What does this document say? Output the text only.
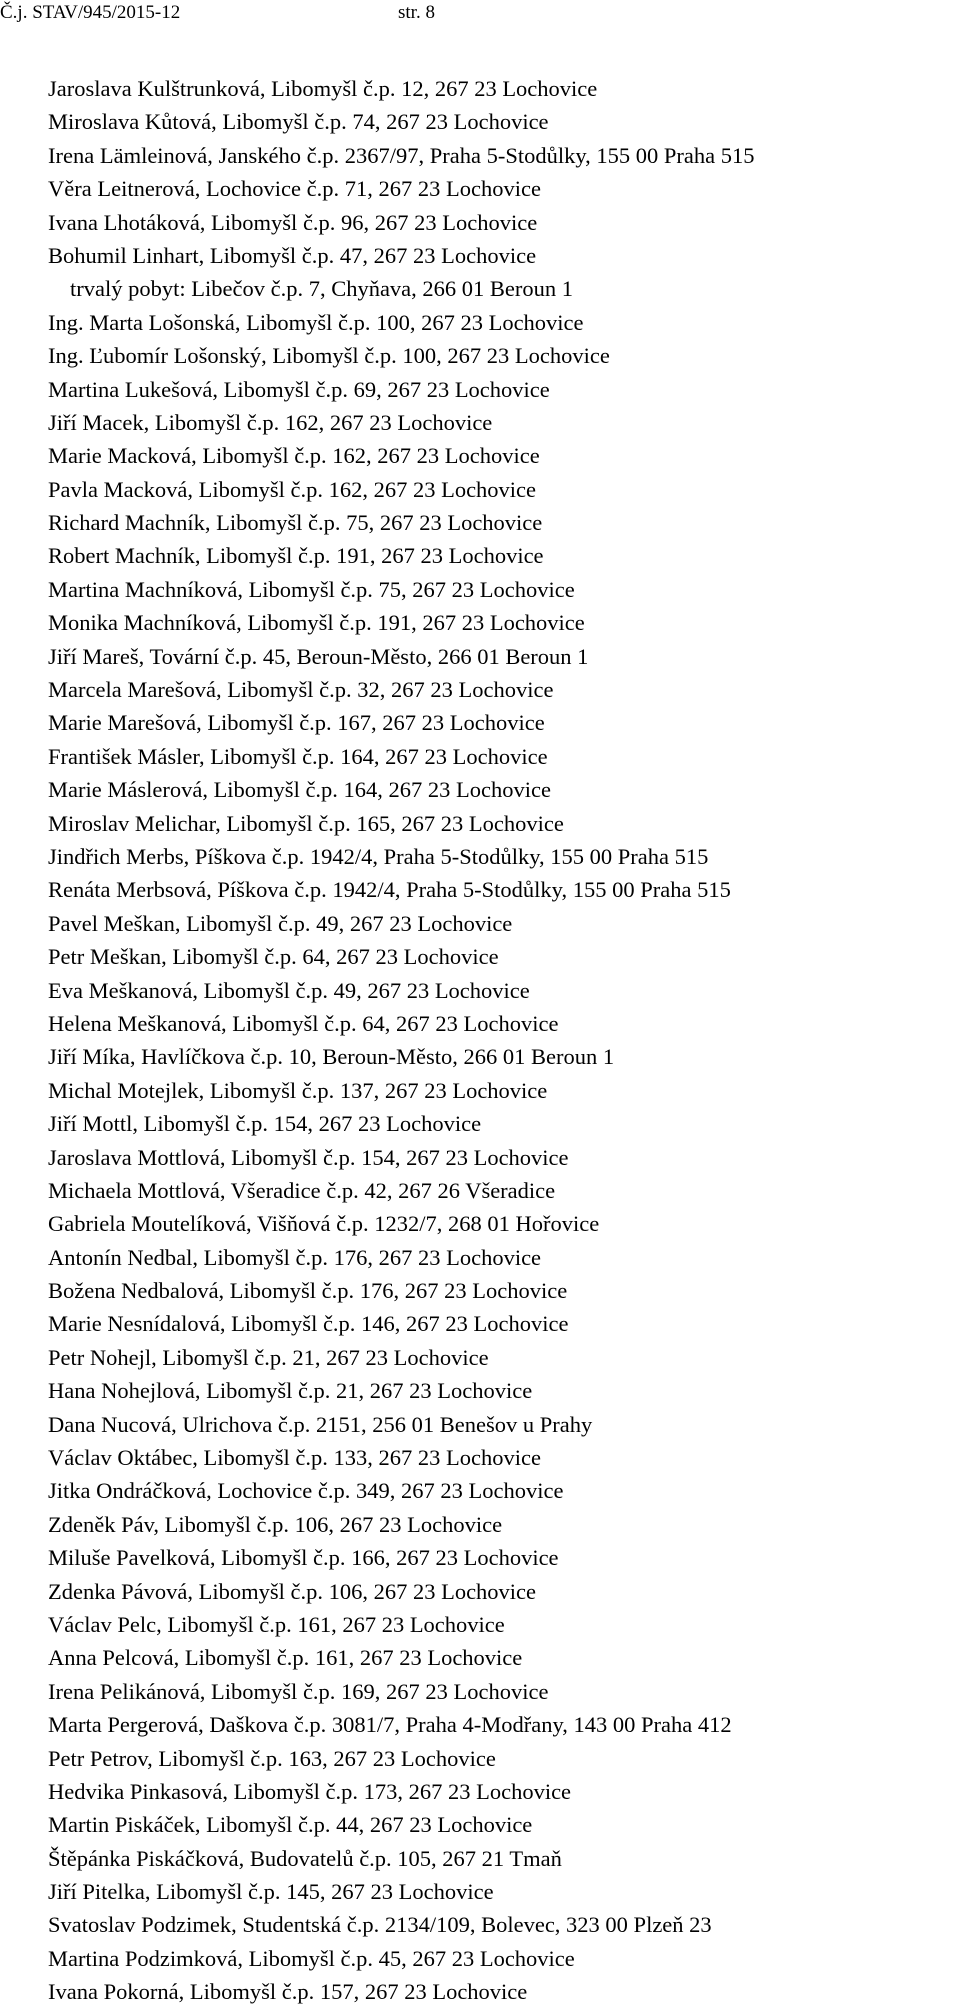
Č.j. STAV/945/2015-12	str. 8
Jaroslava Kulštrunková, Libomyšl č.p. 12, 267 23 Lochovice
Miroslava Kůtová, Libomyšl č.p. 74, 267 23 Lochovice
Irena Lämleinová, Janského č.p. 2367/97, Praha 5-Stodůlky, 155 00 Praha 515
Věra Leitnerová, Lochovice č.p. 71, 267 23 Lochovice
Ivana Lhotáková, Libomyšl č.p. 96, 267 23 Lochovice
Bohumil Linhart, Libomyšl č.p. 47, 267 23 Lochovice
trvalý pobyt: Libečov č.p. 7, Chyňava, 266 01 Beroun 1
Ing. Marta Lošonská, Libomyšl č.p. 100, 267 23 Lochovice
Ing. Ľubomír Lošonský, Libomyšl č.p. 100, 267 23 Lochovice
Martina Lukešová, Libomyšl č.p. 69, 267 23 Lochovice
Jiří Macek, Libomyšl č.p. 162, 267 23 Lochovice
Marie Macková, Libomyšl č.p. 162, 267 23 Lochovice
Pavla Macková, Libomyšl č.p. 162, 267 23 Lochovice
Richard Machník, Libomyšl č.p. 75, 267 23 Lochovice
Robert Machník, Libomyšl č.p. 191, 267 23 Lochovice
Martina Machníková, Libomyšl č.p. 75, 267 23 Lochovice
Monika Machníková, Libomyšl č.p. 191, 267 23 Lochovice
Jiří Mareš, Tovární č.p. 45, Beroun-Město, 266 01 Beroun 1
Marcela Marešová, Libomyšl č.p. 32, 267 23 Lochovice
Marie Marešová, Libomyšl č.p. 167, 267 23 Lochovice
František Másler, Libomyšl č.p. 164, 267 23 Lochovice
Marie Máslerová, Libomyšl č.p. 164, 267 23 Lochovice
Miroslav Melichar, Libomyšl č.p. 165, 267 23 Lochovice
Jindřich Merbs, Píškova č.p. 1942/4, Praha 5-Stodůlky, 155 00 Praha 515
Renáta Merbsová, Píškova č.p. 1942/4, Praha 5-Stodůlky, 155 00 Praha 515
Pavel Meškan, Libomyšl č.p. 49, 267 23 Lochovice
Petr Meškan, Libomyšl č.p. 64, 267 23 Lochovice
Eva Meškanová, Libomyšl č.p. 49, 267 23 Lochovice
Helena Meškanová, Libomyšl č.p. 64, 267 23 Lochovice
Jiří Míka, Havlíčkova č.p. 10, Beroun-Město, 266 01 Beroun 1
Michal Motejlek, Libomyšl č.p. 137, 267 23 Lochovice
Jiří Mottl, Libomyšl č.p. 154, 267 23 Lochovice
Jaroslava Mottlová, Libomyšl č.p. 154, 267 23 Lochovice
Michaela Mottlová, Všeradice č.p. 42, 267 26 Všeradice
Gabriela Moutelíková, Višňová č.p. 1232/7, 268 01 Hořovice
Antonín Nedbal, Libomyšl č.p. 176, 267 23 Lochovice
Božena Nedbalová, Libomyšl č.p. 176, 267 23 Lochovice
Marie Nesnídalová, Libomyšl č.p. 146, 267 23 Lochovice
Petr Nohejl, Libomyšl č.p. 21, 267 23 Lochovice
Hana Nohejlová, Libomyšl č.p. 21, 267 23 Lochovice
Dana Nucová, Ulrichova č.p. 2151, 256 01 Benešov u Prahy
Václav Oktábec, Libomyšl č.p. 133, 267 23 Lochovice
Jitka Ondráčková, Lochovice č.p. 349, 267 23 Lochovice
Zdeněk Páv, Libomyšl č.p. 106, 267 23 Lochovice
Miluše Pavelková, Libomyšl č.p. 166, 267 23 Lochovice
Zdenka Pávová, Libomyšl č.p. 106, 267 23 Lochovice
Václav Pelc, Libomyšl č.p. 161, 267 23 Lochovice
Anna Pelcová, Libomyšl č.p. 161, 267 23 Lochovice
Irena Pelikánová, Libomyšl č.p. 169, 267 23 Lochovice
Marta Pergerová, Daškova č.p. 3081/7, Praha 4-Modřany, 143 00 Praha 412
Petr Petrov, Libomyšl č.p. 163, 267 23 Lochovice
Hedvika Pinkasová, Libomyšl č.p. 173, 267 23 Lochovice
Martin Piskáček, Libomyšl č.p. 44, 267 23 Lochovice
Štěpánka Piskáčková, Budovatelů č.p. 105, 267 21 Tmaň
Jiří Pitelka, Libomyšl č.p. 145, 267 23 Lochovice
Svatoslav Podzimek, Studentská č.p. 2134/109, Bolevec, 323 00 Plzeň 23
Martina Podzimková, Libomyšl č.p. 45, 267 23 Lochovice
Ivana Pokorná, Libomyšl č.p. 157, 267 23 Lochovice
